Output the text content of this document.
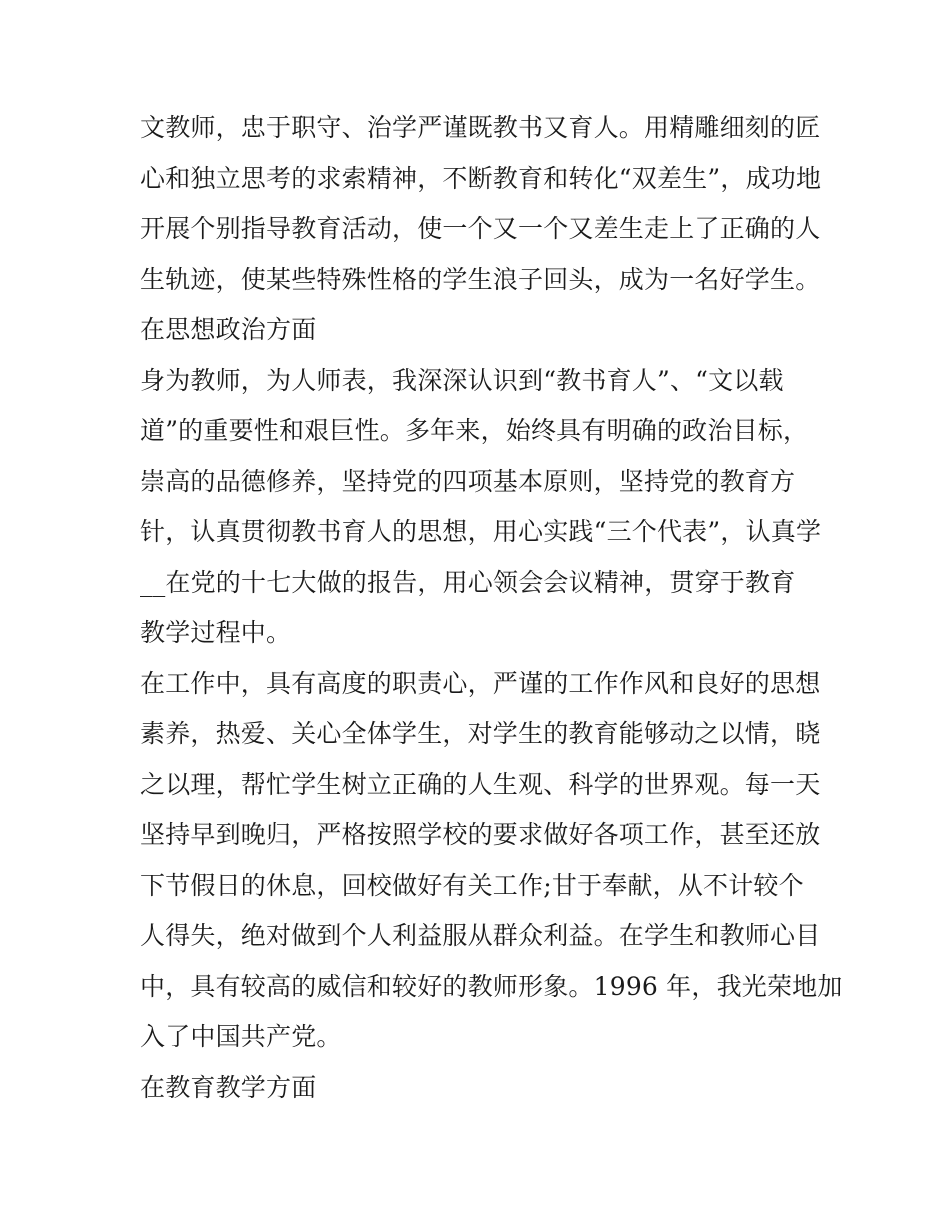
文教师，忠于职守、治学严谨既教书又育人。用精雕细刻的匠
心和独立思考的求索精神，不断教育和转化“双差生”，成功地
开展个别指导教育活动，使一个又一个又差生走上了正确的人
生轨迹，使某些特殊性格的学生浪子回头，成为一名好学生。
在思想政治方面
身为教师，为人师表，我深深认识到“教书育人”、“文以载
道”的重要性和艰巨性。多年来，始终具有明确的政治目标，
崇高的品德修养，坚持党的四项基本原则，坚持党的教育方
针，认真贯彻教书育人的思想，用心实践“三个代表”，认真学
__在党的十七大做的报告，用心领会会议精神，贯穿于教育
教学过程中。
在工作中，具有高度的职责心，严谨的工作作风和良好的思想
素养，热爱、关心全体学生，对学生的教育能够动之以情，晓
之以理，帮忙学生树立正确的人生观、科学的世界观。每一天
坚持早到晚归，严格按照学校的要求做好各项工作，甚至还放
下节假日的休息，回校做好有关工作;甘于奉献，从不计较个
人得失，绝对做到个人利益服从群众利益。在学生和教师心目
中，具有较高的威信和较好的教师形象。1996 年，我光荣地加
入了中国共产党。
在教育教学方面
